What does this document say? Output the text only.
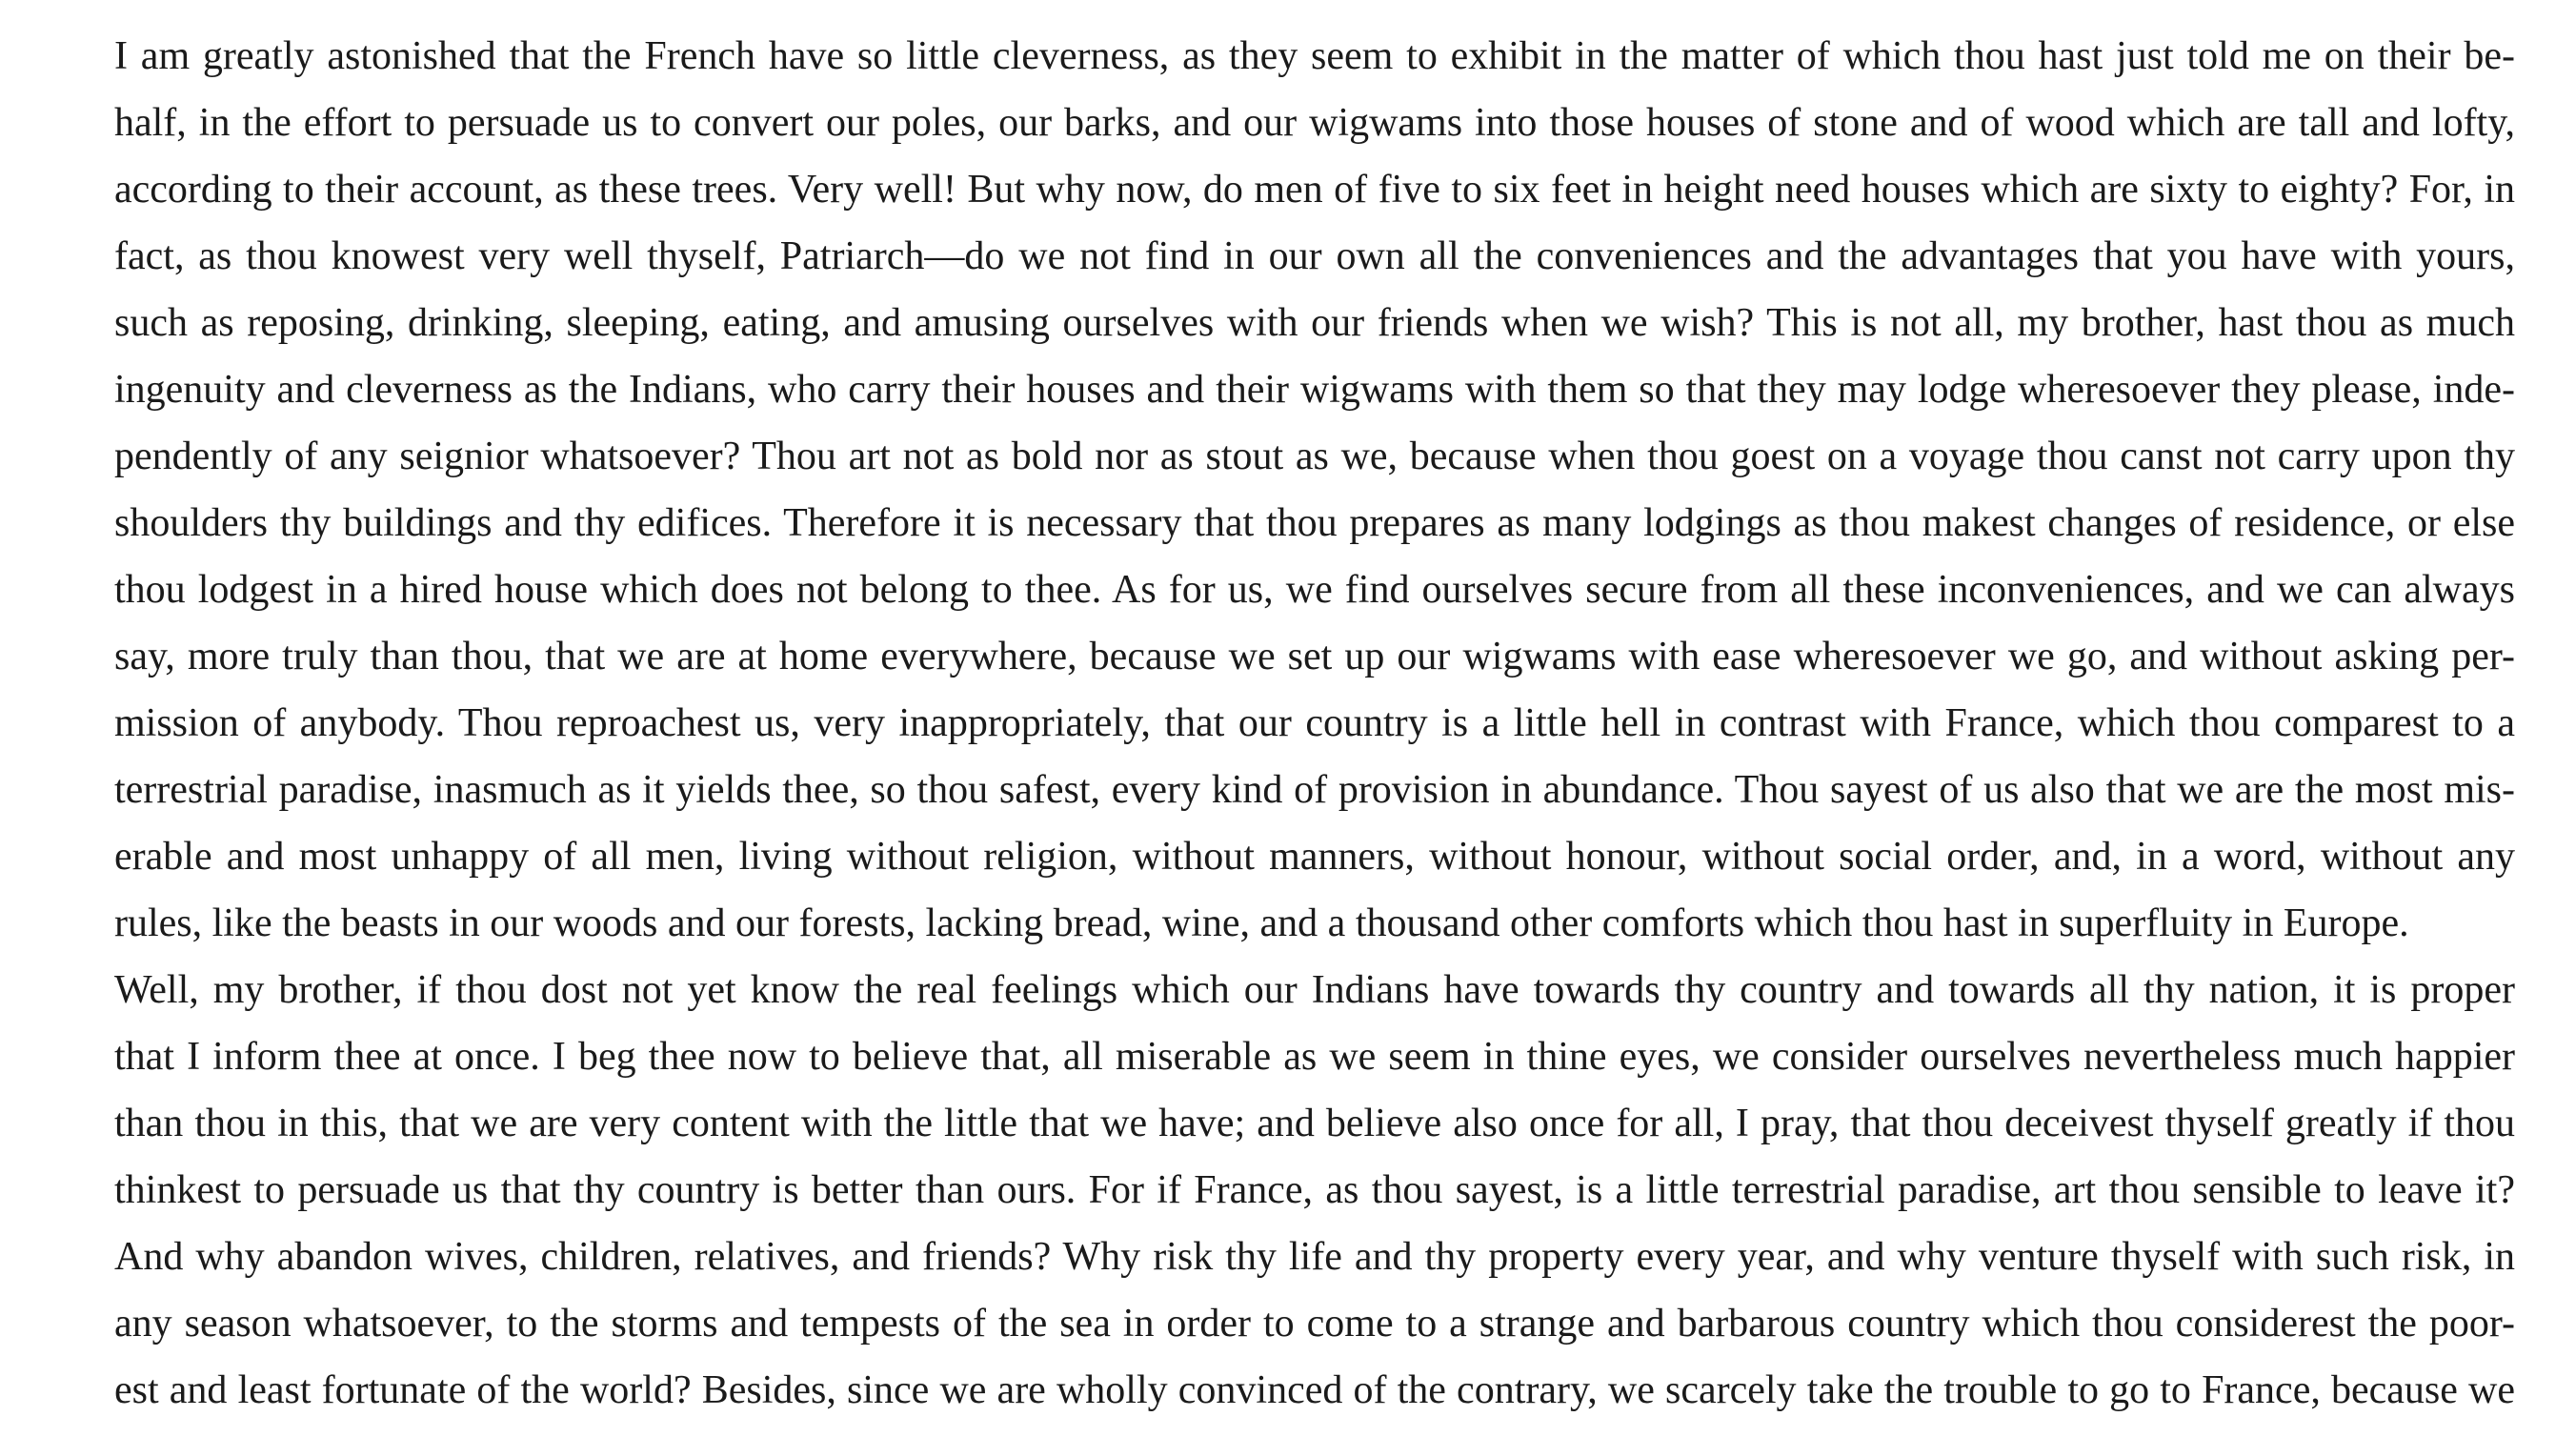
I am greatly astonished that the French have so little cleverness, as they seem to exhibit in the matter of which thou hast just told me on their be-
half, in the effort to persuade us to convert our poles, our barks, and our wigwams into those houses of stone and of wood which are tall and lofty,
according to their account, as these trees. Very well! But why now, do men of five to six feet in height need houses which are sixty to eighty? For, in
fact, as thou knowest very well thyself, Patriarch—do we not find in our own all the conveniences and the advantages that you have with yours,
such as reposing, drinking, sleeping, eating, and amusing ourselves with our friends when we wish? This is not all, my brother, hast thou as much
ingenuity and cleverness as the Indians, who carry their houses and their wigwams with them so that they may lodge wheresoever they please, inde-
pendently of any seignior whatsoever? Thou art not as bold nor as stout as we, because when thou goest on a voyage thou canst not carry upon thy
shoulders thy buildings and thy edifices. Therefore it is necessary that thou prepares as many lodgings as thou makest changes of residence, or else
thou lodgest in a hired house which does not belong to thee. As for us, we find ourselves secure from all these inconveniences, and we can always
say, more truly than thou, that we are at home everywhere, because we set up our wigwams with ease wheresoever we go, and without asking per-
mission of anybody. Thou reproachest us, very inappropriately, that our country is a little hell in contrast with France, which thou comparest to a
terrestrial paradise, inasmuch as it yields thee, so thou safest, every kind of provision in abundance. Thou sayest of us also that we are the most mis-
erable and most unhappy of all men, living without religion, without manners, without honour, without social order, and, in a word, without any
rules, like the beasts in our woods and our forests, lacking bread, wine, and a thousand other comforts which thou hast in superfluity in Europe.
Well, my brother, if thou dost not yet know the real feelings which our Indians have towards thy country and towards all thy nation, it is proper
that I inform thee at once. I beg thee now to believe that, all miserable as we seem in thine eyes, we consider ourselves nevertheless much happier
than thou in this, that we are very content with the little that we have; and believe also once for all, I pray, that thou deceivest thyself greatly if thou
thinkest to persuade us that thy country is better than ours. For if France, as thou sayest, is a little terrestrial paradise, art thou sensible to leave it?
And why abandon wives, children, relatives, and friends? Why risk thy life and thy property every year, and why venture thyself with such risk, in
any season whatsoever, to the storms and tempests of the sea in order to come to a strange and barbarous country which thou considerest the poor-
est and least fortunate of the world? Besides, since we are wholly convinced of the contrary, we scarcely take the trouble to go to France, because we
